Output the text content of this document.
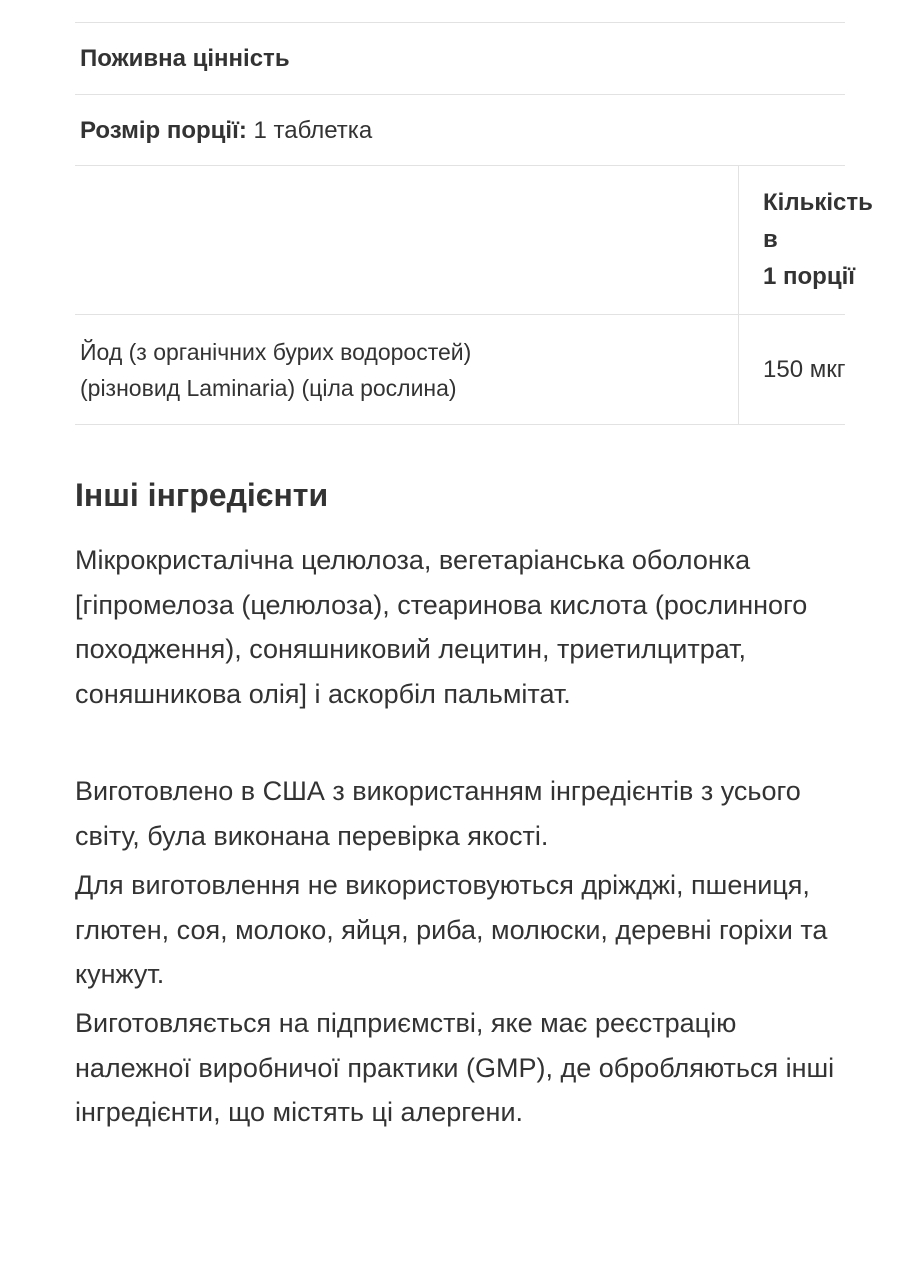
Поживна цінність
Розмір порції: 1 таблетка
Кількість
в
1 порції
Йод (з органічних бурих водоростей)
(різновид Laminaria) (ціла рослина)
150 мкг
Інші інгредієнти
Мікрокристалічна целюлоза, вегетаріанська оболонка [гіпромелоза (целюлоза), стеаринова кислота (рослинного походження), соняшниковий лецитин, триетилцитрат, соняшникова олія] і аскорбіл пальмітат.
Виготовлено в США з використанням інгредієнтів з усього світу, була виконана перевірка якості.
Для виготовлення не використовуються дріжджі, пшениця, глютен, соя, молоко, яйця, риба, молюски, деревні горіхи та кунжут.
Виготовляється на підприємстві, яке має реєстрацію належної виробничої практики (GMP), де обробляються інші інгредієнти, що містять ці алергени.
